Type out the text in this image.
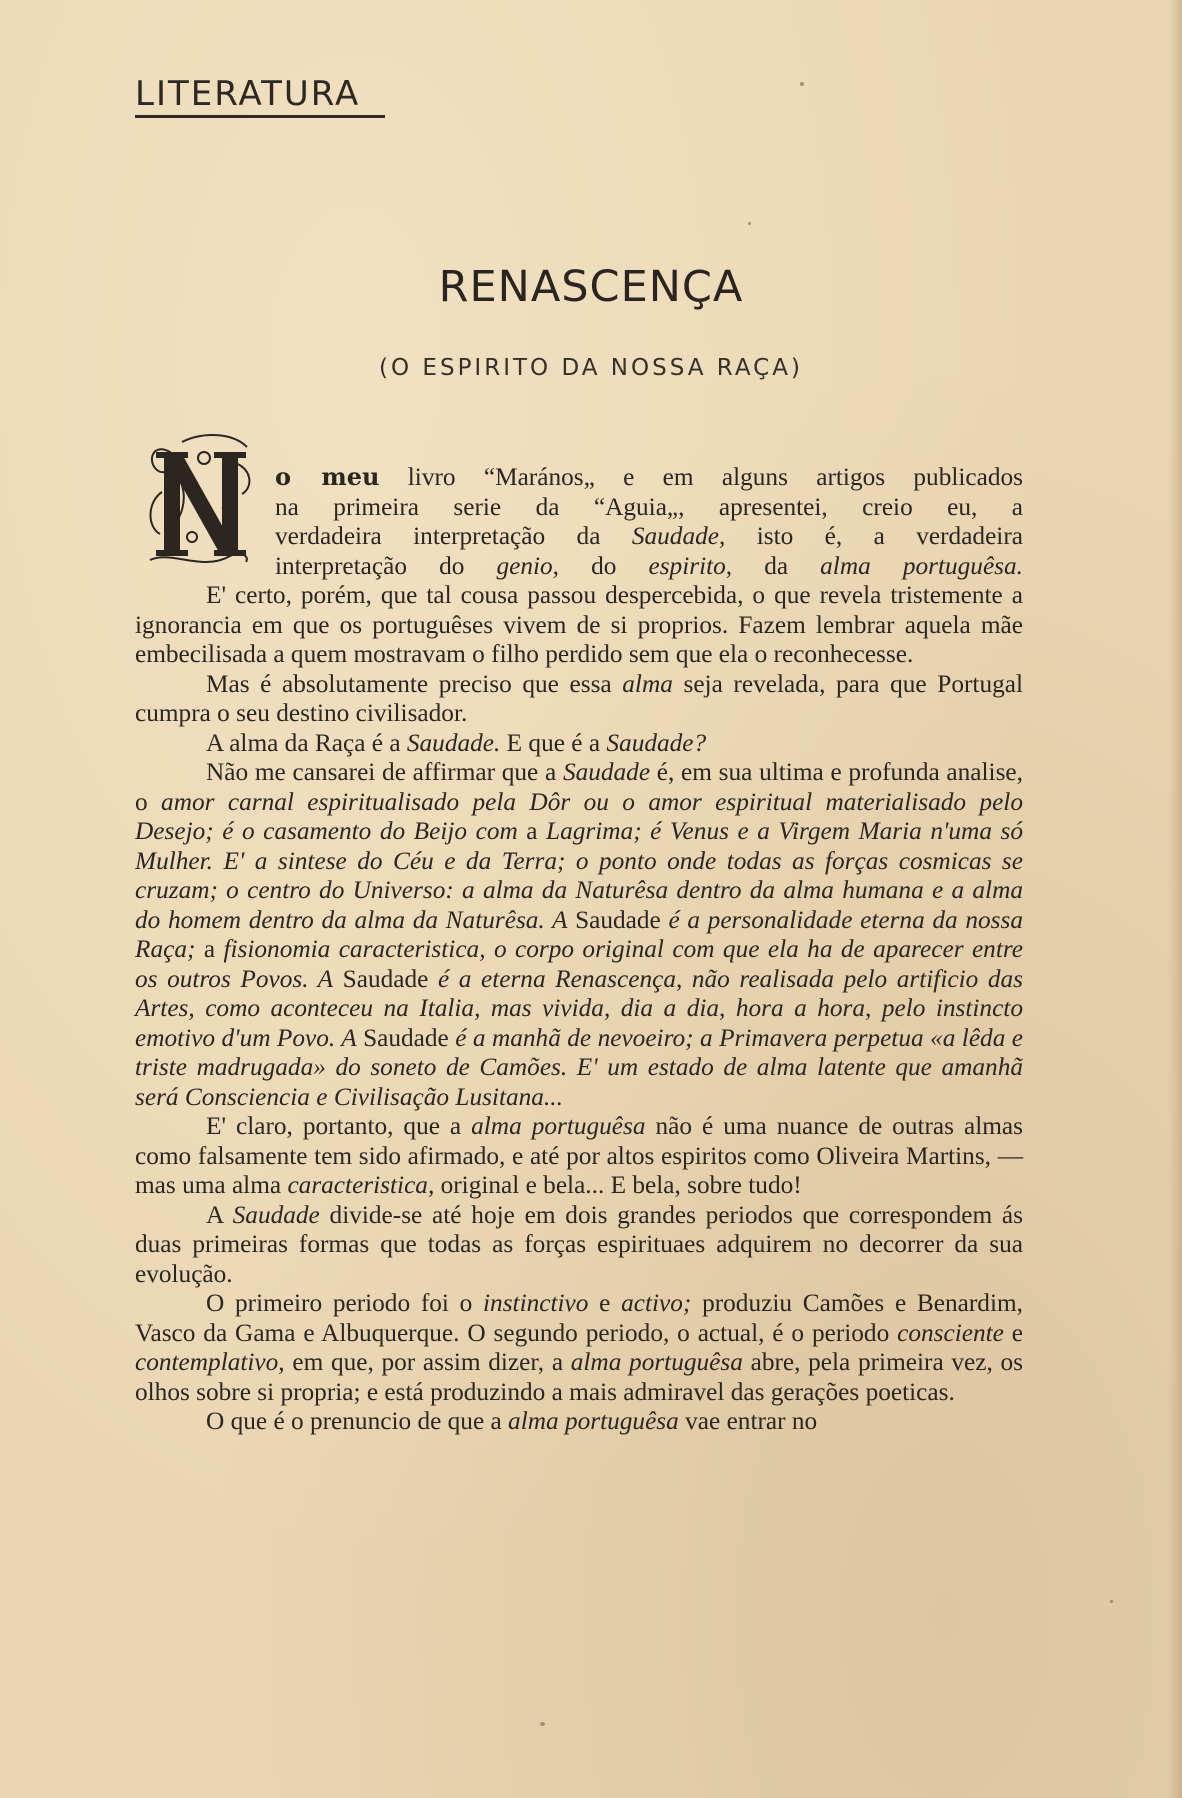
LITERATURA
RENASCENÇA
(O ESPIRITO DA NOSSA RAÇA)

o meu livro “Marános„ e em alguns artigos publicados
na primeira serie da “Aguia„, apresentei, creio eu, a
verdadeira interpretação da Saudade, isto é, a verdadeira
interpretação do genio, do espirito, da alma portuguêsa.

E' certo, porém, que tal cousa passou despercebida, o que revela tristemente a ignorancia em que os portuguêses vivem de si proprios. Fazem lembrar aquela mãe embecilisada a quem mostravam o filho perdido sem que ela o reconhecesse.

Mas é absolutamente preciso que essa alma seja revelada, para que Portugal cumpra o seu destino civilisador.

A alma da Raça é a Saudade. E que é a Saudade?

Não me cansarei de affirmar que a Saudade é, em sua ultima e profunda analise, o amor carnal espiritualisado pela Dôr ou o amor espiritual materialisado pelo Desejo; é o casamento do Beijo com a Lagrima; é Venus e a Virgem Maria n'uma só Mulher. E' a sintese do Céu e da Terra; o ponto onde todas as forças cosmicas se cruzam; o centro do Universo: a alma da Naturêsa dentro da alma humana e a alma do homem dentro da alma da Naturêsa. A Saudade é a personalidade eterna da nossa Raça; a fisionomia caracteristica, o corpo original com que ela ha de aparecer entre os outros Povos. A Saudade é a eterna Renascença, não realisada pelo artificio das Artes, como aconteceu na Italia, mas vivida, dia a dia, hora a hora, pelo instincto emotivo d'um Povo. A Saudade é a manhã de nevoeiro; a Primavera perpetua «a lêda e triste madrugada» do soneto de Camões. E' um estado de alma latente que amanhã será Consciencia e Civilisação Lusitana...

E' claro, portanto, que a alma portuguêsa não é uma nuance de outras almas como falsamente tem sido afirmado, e até por altos espiritos como Oliveira Martins, — mas uma alma caracteristica, original e bela... E bela, sobre tudo!

A Saudade divide-se até hoje em dois grandes periodos que correspondem ás duas primeiras formas que todas as forças espirituaes adquirem no decorrer da sua evolução.

O primeiro periodo foi o instinctivo e activo; produziu Camões e Benardim, Vasco da Gama e Albuquerque. O segundo periodo, o actual, é o periodo consciente e contemplativo, em que, por assim dizer, a alma portuguêsa abre, pela primeira vez, os olhos sobre si propria; e está produzindo a mais admiravel das gerações poeticas.

O que é o prenuncio de que a alma portuguêsa vae entrar no
